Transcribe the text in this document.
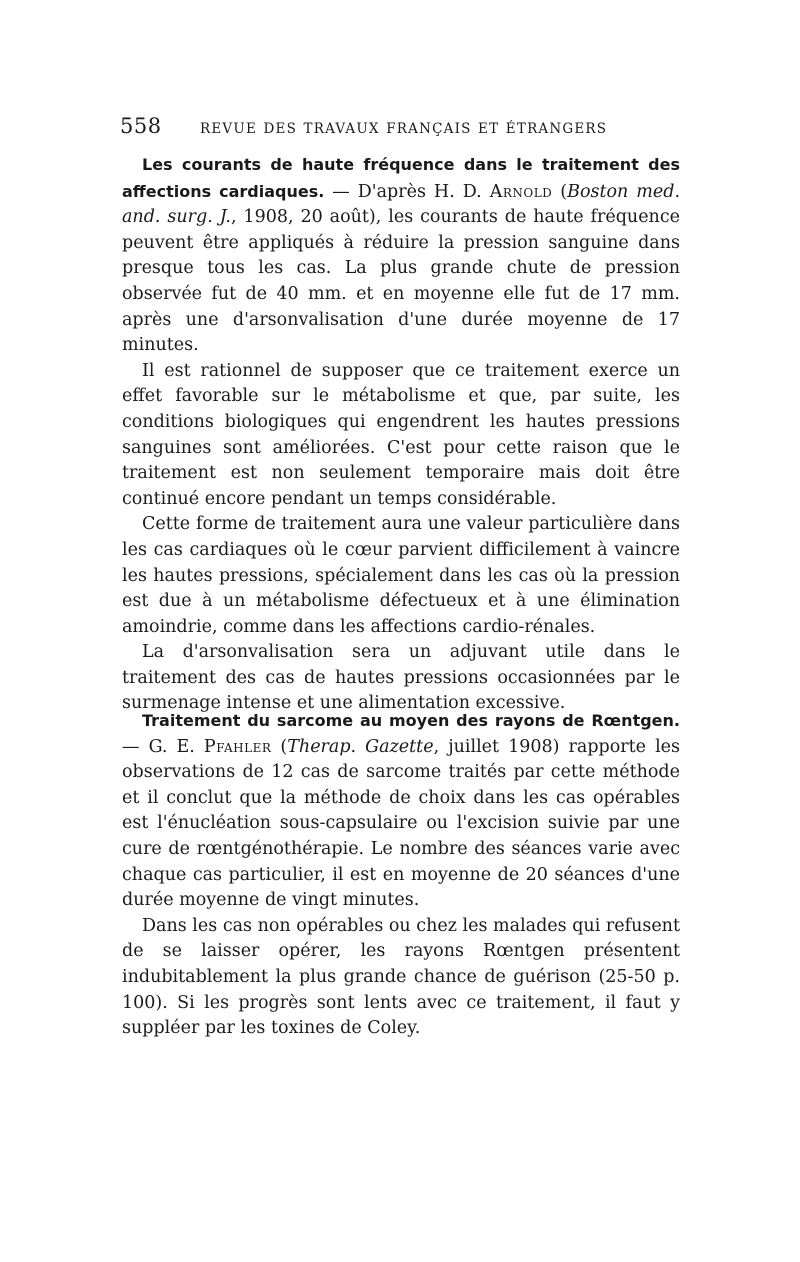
558	REVUE DES TRAVAUX FRANÇAIS ET ÉTRANGERS

Les courants de haute fréquence dans le traitement des affections cardiaques. — D'après H. D. Arnold (Boston med. and. surg. J., 1908, 20 août), les courants de haute fréquence peuvent être appliqués à réduire la pression sanguine dans presque tous les cas. La plus grande chute de pression observée fut de 40 mm. et en moyenne elle fut de 17 mm. après une d'arsonvalisation d'une durée moyenne de 17 minutes.

Il est rationnel de supposer que ce traitement exerce un effet favorable sur le métabolisme et que, par suite, les conditions biologiques qui engendrent les hautes pressions sanguines sont améliorées. C'est pour cette raison que le traitement est non seulement temporaire mais doit être continué encore pendant un temps considérable.

Cette forme de traitement aura une valeur particulière dans les cas cardiaques où le cœur parvient difficilement à vaincre les hautes pressions, spécialement dans les cas où la pression est due à un métabolisme défectueux et à une élimination amoindrie, comme dans les affections cardio-rénales.

La d'arsonvalisation sera un adjuvant utile dans le traitement des cas de hautes pressions occasionnées par le surmenage intense et une alimentation excessive.

Traitement du sarcome au moyen des rayons de Rœntgen. — G. E. Pfahler (Therap. Gazette, juillet 1908) rapporte les observations de 12 cas de sarcome traités par cette méthode et il conclut que la méthode de choix dans les cas opérables est l'énucléation sous-capsulaire ou l'excision suivie par une cure de rœntgénothérapie. Le nombre des séances varie avec chaque cas particulier, il est en moyenne de 20 séances d'une durée moyenne de vingt minutes.

Dans les cas non opérables ou chez les malades qui refusent de se laisser opérer, les rayons Rœntgen présentent indubitablement la plus grande chance de guérison (25-50 p. 100). Si les progrès sont lents avec ce traitement, il faut y suppléer par les toxines de Coley.
